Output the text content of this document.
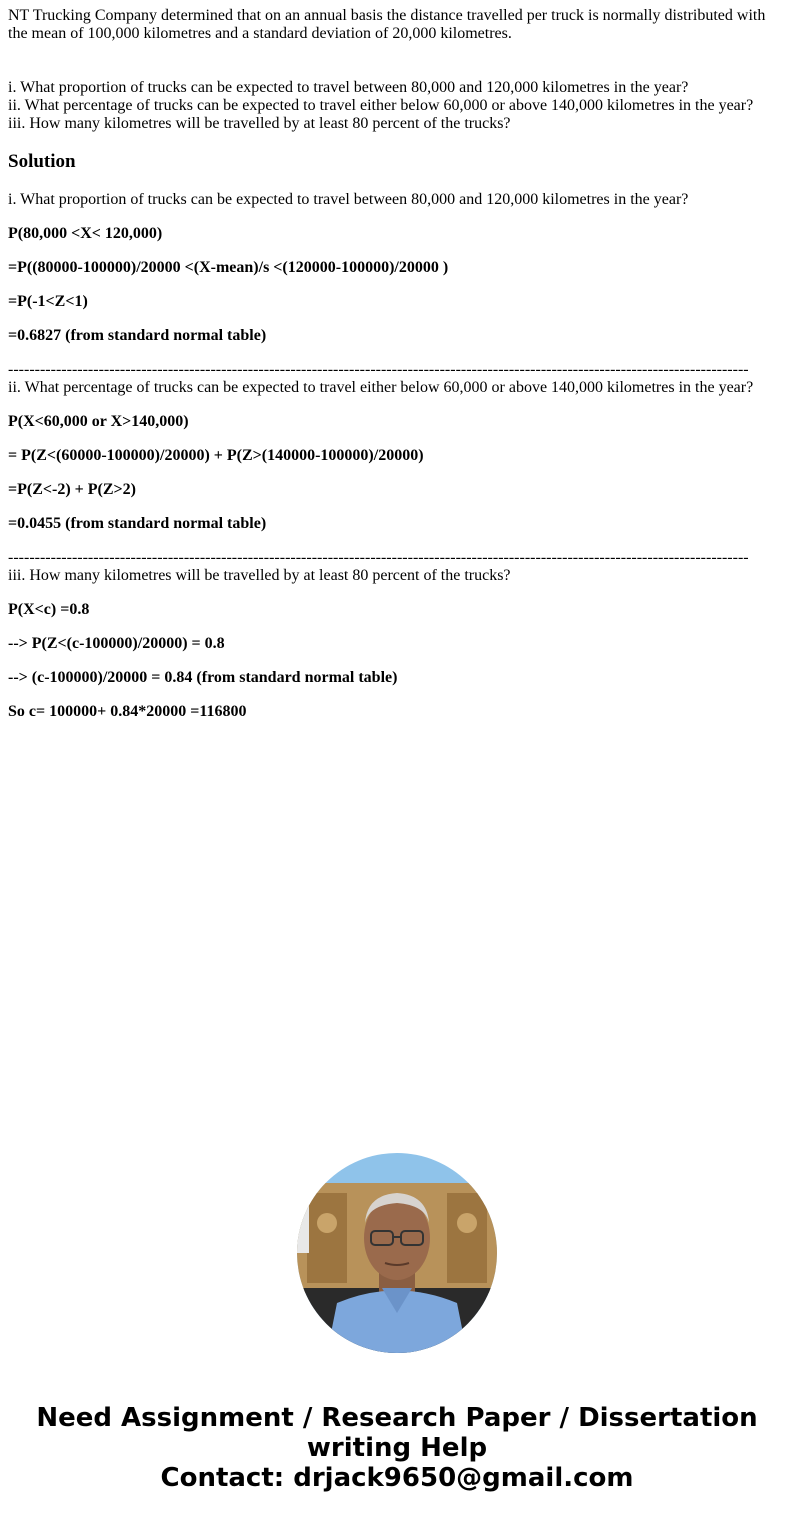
NT Trucking Company determined that on an annual basis the distance travelled per truck is normally distributed with the mean of 100,000 kilometres and a standard deviation of 20,000 kilometres.

i. What proportion of trucks can be expected to travel between 80,000 and 120,000 kilometres in the year?
ii. What percentage of trucks can be expected to travel either below 60,000 or above 140,000 kilometres in the year?
iii. How many kilometres will be travelled by at least 80 percent of the trucks?
Solution
i. What proportion of trucks can be expected to travel between 80,000 and 120,000 kilometres in the year?
P(80,000 <X< 120,000)
=P((80000-100000)/20000 <(X-mean)/s <(120000-100000)/20000 )
=P(-1<Z<1)
=0.6827 (from standard normal table)
-------------------------------------------------------------------------------------------------------------------------------------------
ii. What percentage of trucks can be expected to travel either below 60,000 or above 140,000 kilometres in the year?
P(X<60,000 or X>140,000)
= P(Z<(60000-100000)/20000) + P(Z>(140000-100000)/20000)
=P(Z<-2) + P(Z>2)
=0.0455 (from standard normal table)
-------------------------------------------------------------------------------------------------------------------------------------------
iii. How many kilometres will be travelled by at least 80 percent of the trucks?
P(X<c) =0.8
--> P(Z<(c-100000)/20000) = 0.8
--> (c-100000)/20000 = 0.84 (from standard normal table)
So c= 100000+ 0.84*20000 =116800
Need Assignment / Research Paper / Dissertation
writing Help
Contact: drjack9650@gmail.com
